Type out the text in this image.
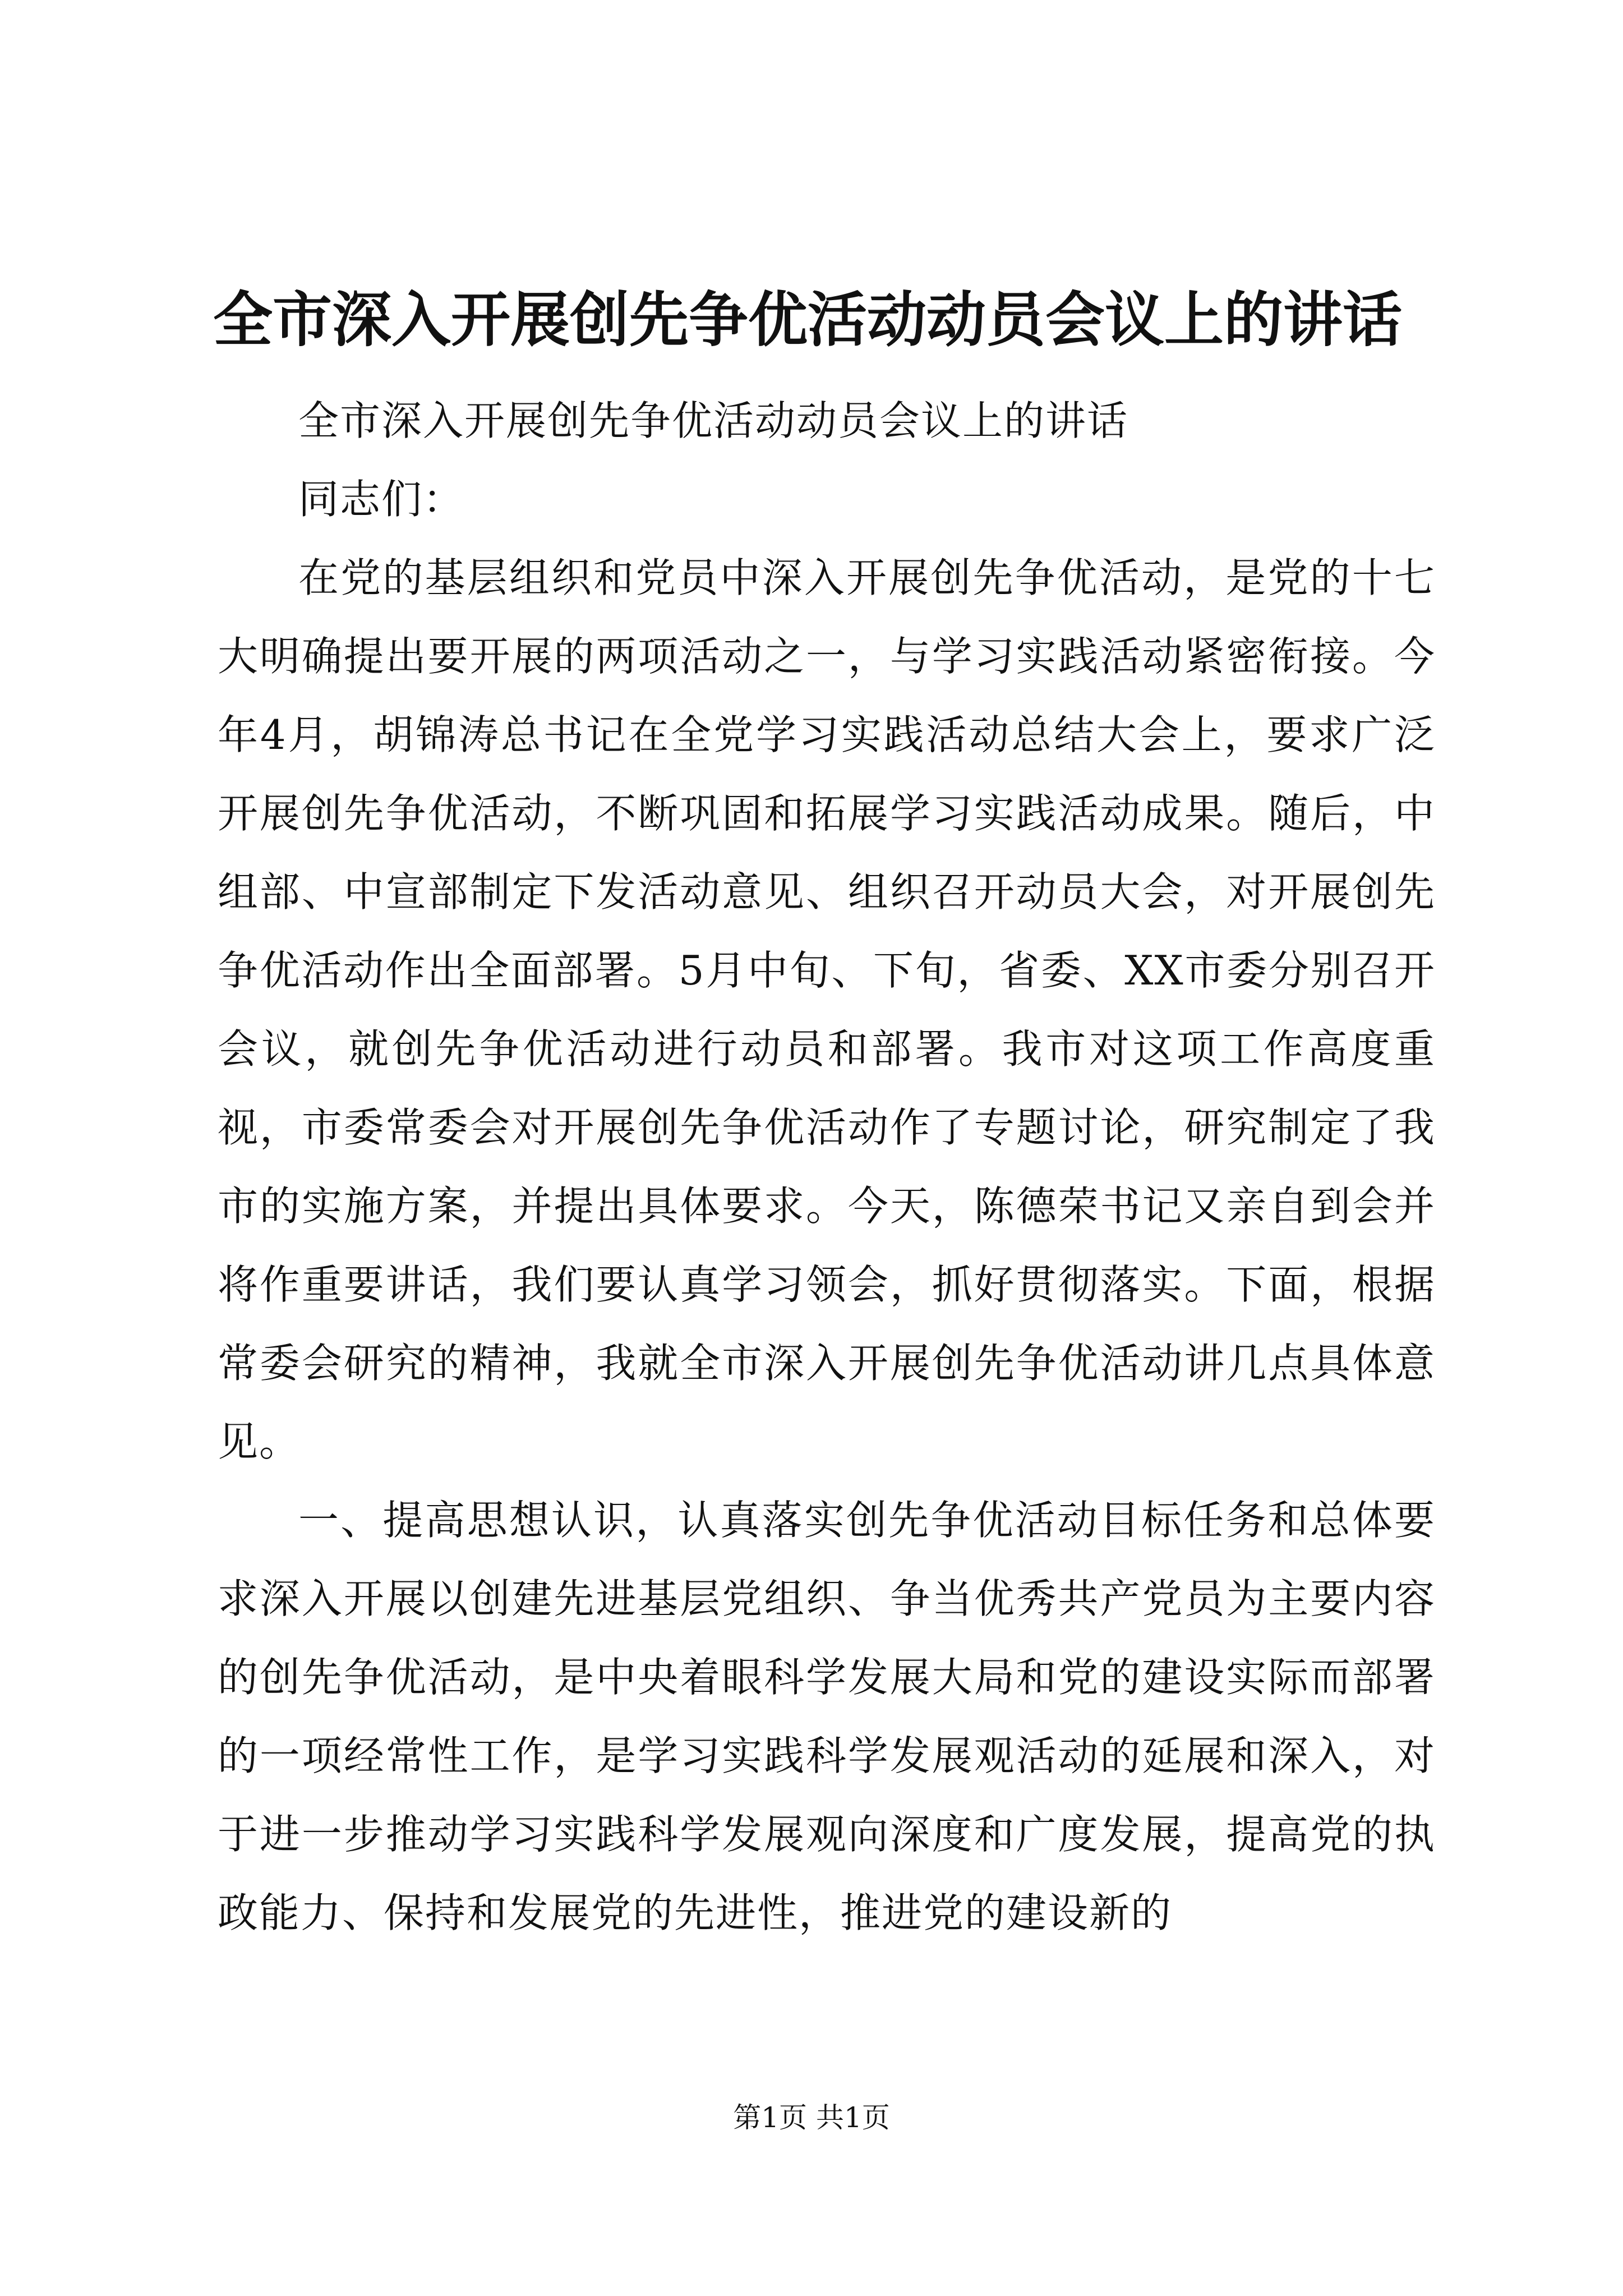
全市深入开展创先争优活动动员会议上的讲话

全市深入开展创先争优活动动员会议上的讲话

同志们：

在党的基层组织和党员中深入开展创先争优活动，是党的十七大明确提出要开展的两项活动之一，与学习实践活动紧密衔接。今年4月，胡锦涛总书记在全党学习实践活动总结大会上，要求广泛开展创先争优活动，不断巩固和拓展学习实践活动成果。随后，中组部、中宣部制定下发活动意见、组织召开动员大会，对开展创先争优活动作出全面部署。5月中旬、下旬，省委、XX市委分别召开会议，就创先争优活动进行动员和部署。我市对这项工作高度重视，市委常委会对开展创先争优活动作了专题讨论，研究制定了我市的实施方案，并提出具体要求。今天，陈德荣书记又亲自到会并将作重要讲话，我们要认真学习领会，抓好贯彻落实。下面，根据常委会研究的精神，我就全市深入开展创先争优活动讲几点具体意见。

一、提高思想认识，认真落实创先争优活动目标任务和总体要求深入开展以创建先进基层党组织、争当优秀共产党员为主要内容的创先争优活动，是中央着眼科学发展大局和党的建设实际而部署的一项经常性工作，是学习实践科学发展观活动的延展和深入，对于进一步推动学习实践科学发展观向深度和广度发展，提高党的执政能力、保持和发展党的先进性，推进党的建设新的

第1页 共1页
